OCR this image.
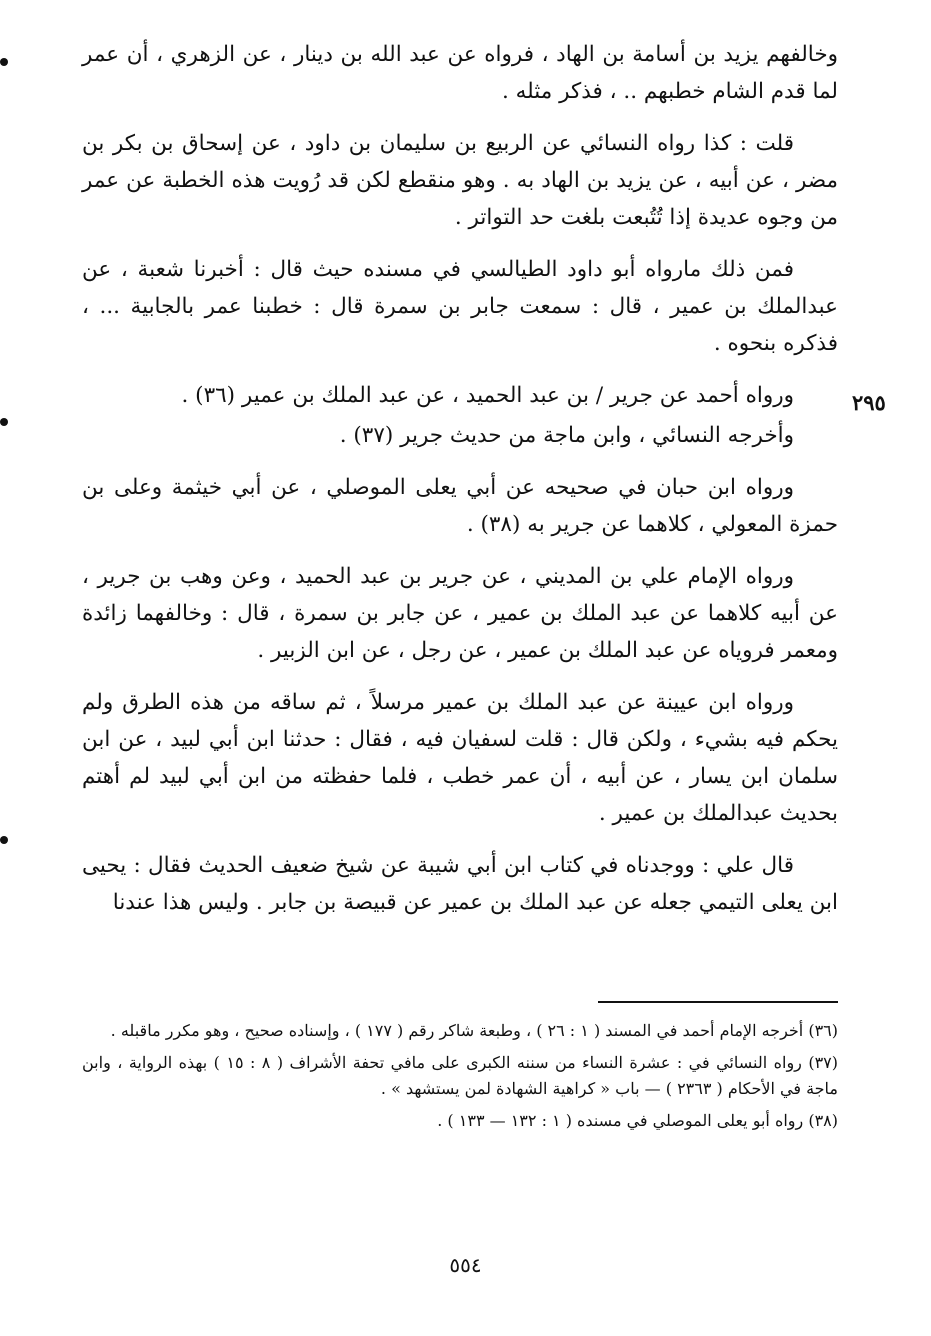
وخالفهم يزيد بن أسامة بن الهاد ، فرواه عن عبد الله بن دينار ، عن الزهري ، أن عمر لما قدم الشام خطبهم .. ، فذكر مثله .

قلت : كذا رواه النسائي عن الربيع بن سليمان بن داود ، عن إسحاق بن بكر بن مضر ، عن أبيه ، عن يزيد بن الهاد به . وهو منقطع لكن قد رُويت هذه الخطبة عن عمر من وجوه عديدة إذا تُتُبعت بلغت حد التواتر .

فمن ذلك مارواه أبو داود الطيالسي في مسنده حيث قال : أخبرنا شعبة ، عن عبدالملك بن عمير ، قال : سمعت جابر بن سمرة قال : خطبنا عمر بالجابية ... ، فذكره بنحوه .

ورواه أحمد عن جرير / بن عبد الحميد ، عن عبد الملك بن عمير (٣٦) .

وأخرجه النسائي ، وابن ماجة من حديث جرير (٣٧) .

ورواه ابن حبان في صحيحه عن أبي يعلى الموصلي ، عن أبي خيثمة وعلى بن حمزة المعولي ، كلاهما عن جرير به (٣٨) .

ورواه الإمام علي بن المديني ، عن جرير بن عبد الحميد ، وعن وهب بن جرير ، عن أبيه كلاهما عن عبد الملك بن عمير ، عن جابر بن سمرة ، قال : وخالفهما زائدة ومعمر فروياه عن عبد الملك بن عمير ، عن رجل ، عن ابن الزبير .

ورواه ابن عيينة عن عبد الملك بن عمير مرسلاً ، ثم ساقه من هذه الطرق ولم يحكم فيه بشيء ، ولكن قال : قلت لسفيان فيه ، فقال : حدثنا ابن أبي لبيد ، عن ابن سلمان ابن يسار ، عن أبيه ، أن عمر خطب ، فلما حفظته من ابن أبي لبيد لم أهتم بحديث عبدالملك بن عمير .

قال علي : ووجدناه في كتاب ابن أبي شيبة عن شيخ ضعيف الحديث فقال : يحيى ابن يعلى التيمي جعله عن عبد الملك بن عمير عن قبيصة بن جابر . وليس هذا عندنا

٢٩٥

(٣٦) أخرجه الإمام أحمد في المسند ( ١ : ٢٦ ) ، وطبعة شاكر رقم ( ١٧٧ ) ، وإسناده صحيح ، وهو مكرر ماقبله .

(٣٧) رواه النسائي في : عشرة النساء من سننه الكبرى على مافي تحفة الأشراف ( ٨ : ١٥ ) بهذه الرواية ، وابن ماجة في الأحكام ( ٢٣٦٣ ) — باب « كراهية الشهادة لمن يستشهد » .

(٣٨) رواه أبو يعلى الموصلي في مسنده ( ١ : ١٣٢ — ١٣٣ ) .

٥٥٤
